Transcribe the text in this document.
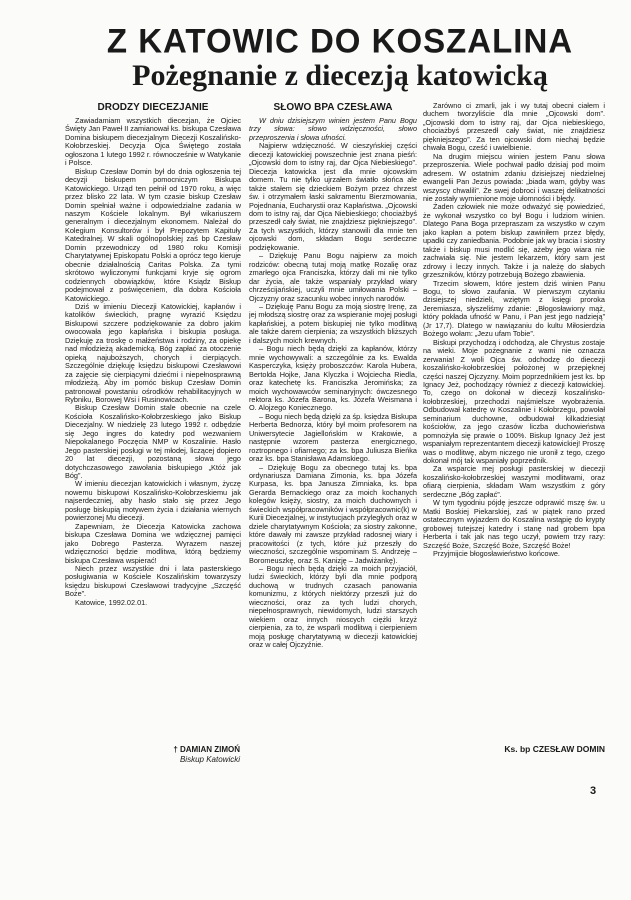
Z KATOWIC DO KOSZALINA
Pożegnanie z diecezją katowicką
DRODZY DIECEZJANIE
Zawiadamiam wszystkich diecezjan, że Ojciec Święty Jan Paweł II zamianował ks. biskupa Czesława Domina biskupem diecezjalnym Diecezji Koszalińsko-Kołobrzeskiej. Decyzja Ojca Świętego została ogłoszona 1 lutego 1992 r. równocześnie w Watykanie i Polsce.
Biskup Czesław Domin był do dnia ogłoszenia tej decyzji biskupem pomocniczym Biskupa Katowickiego. Urząd ten pełnił od 1970 roku, a więc przez blisko 22 lata. W tym czasie biskup Czesław Domin spełniał ważne i odpowiedzialne zadania w naszym Kościele lokalnym. Był wikariuszem generalnym i diecezjalnym ekonomem. Należał do Kolegium Konsultorów i był Prepozytem Kapituły Katedralnej. W skali ogólnopolskiej zaś bp Czesław Domin przewodniczy od 1980 roku Komisji Charytatywnej Episkopatu Polski a oprócz tego kieruje obecnie działalnością Caritas Polska. Za tymi skrótowo wyliczonymi funkcjami kryje się ogrom codziennych obowiązków, które Ksiądz Biskup podejmował z poświęceniem, dla dobra Kościoła Katowickiego.
Dziś w imieniu Diecezji Katowickiej, kapłanów i katolików świeckich, pragnę wyrazić Księdzu Biskupowi szczere podziękowanie za dobro jakim owocowała jego kapłańska i biskupia posługa. Dziękuję za troskę o małżeństwa i rodziny, za opiekę nad młodzieżą akademicką. Bóg zapłać za otoczenie opieką najuboższych, chorych i cierpiących. Szczególnie dziękuję księdzu biskupowi Czesławowi za zajęcie się cierpiącymi dziećmi i niepełnosprawną młodzieżą. Aby im pomóc biskup Czesław Domin patronował powstaniu ośrodków rehabilitacyjnych w Rybniku, Borowej Wsi i Rusinowicach.
Biskup Czesław Domin stale obecnie na czele Kościoła Koszalińsko-Kołobrzeskiego jako Biskup Diecezjalny. W niedzielę 23 lutego 1992 r. odbędzie się Jego ingres do katedry pod wezwaniem Niepokalanego Poczęcia NMP w Koszalinie. Hasło Jego pasterskiej posługi w tej młodej, liczącej dopiero 20 lat diecezji, pozostaną słowa jego dotychczasowego zawołania biskupiego „Któż jak Bóg”.
W imieniu diecezjan katowickich i własnym, życzę nowemu biskupowi Koszalińsko-Kołobrzeskiemu jak najserdeczniej, aby hasło stało się przez Jego posługę biskupią motywem życia i działania wiernych powierzonej Mu diecezji.
Zapewniam, że Diecezja Katowicka zachowa biskupa Czesława Domina we wdzięcznej pamięci jako Dobrego Pasterza. Wyrazem naszej wdzięczności będzie modlitwa, którą będziemy biskupa Czesława wspierać!
Niech przez wszystkie dni i lata pasterskiego posługiwania w Kościele Koszalińskim towarzyszy księdzu biskupowi Czesławowi tradycyjne „Szczęść Boże”.
Katowice, 1992.02.01.
† DAMIAN ZIMOŃ
Biskup Katowicki
SŁOWO BPA CZESŁAWA
W dniu dzisiejszym winien jestem Panu Bogu trzy słowa: słowo wdzięczności, słowo przeproszenia i słowa ufności.
Najpierw wdzięczność. W cieszyńskiej części diecezji katowickiej powszechnie jest znana pieśń: „Ojcowski dom to istny raj, dar Ojca Niebieskiego”. Diecezja katowicka jest dla mnie ojcowskim domem. Tu nie tylko ujrzałem światło słońca ale także stałem się dzieckiem Bożym przez chrzest św. i otrzymałem łaski sakramentu Bierzmowania, Pojednania, Eucharystii oraz Kapłaństwa. „Ojcowski dom to istny raj, dar Ojca Niebieskiego; chociażbyś przeszedł cały świat, nie znajdziesz piękniejszego”. Za tych wszystkich, którzy stanowili dla mnie ten ojcowski dom, składam Bogu serdeczne podziękowanie.
– Dziękuję Panu Bogu najpierw za moich rodziców: obecną tutaj moją matkę Rozalię oraz zmarłego ojca Franciszka, którzy dali mi nie tylko dar życia, ale także wspaniały przykład wiary chrześcijańskiej, uczyli mnie umiłowania Polski – Ojczyzny oraz szacunku wobec innych narodów.
– Dziękuję Panu Bogu za moją siostrę Irenę, za jej młodszą siostrę oraz za wspieranie mojej posługi kapłańskiej, a potem biskupiej nie tylko modlitwą ale także darem cierpienia; za wszystkich bliższych i dalszych moich krewnych.
– Bogu niech będą dzięki za kapłanów, którzy mnie wychowywali: a szczególnie za ks. Ewalda Kasperczyka, księży proboszczów: Karola Hubera, Bertolda Hojke, Jana Klyczka i Wojciecha Riedla, oraz katechetę ks. Franciszka Jeromińska; za moich wychowawców seminaryjnych: ówczesnego rektora ks. Józefa Barona, ks. Józefa Weismana i O. Alojzego Koniecznego.
– Bogu niech będą dzięki za śp. księdza Biskupa Herberta Bednorza, który był moim profesorem na Uniwersytecie Jagiellońskim w Krakowie, a następnie wzorem pasterza energicznego, roztropnego i ofiarnego; za ks. bpa Juliusza Bieńka oraz ks. bpa Stanisława Adamskiego.
– Dziękuję Bogu za obecnego tutaj ks. bpa ordynariusza Damiana Zimonia, ks. bpa Józefa Kurpasa, ks. bpa Janusza Zimniaka, ks. bpa Gerarda Bernackiego oraz za moich kochanych kolegów księży, siostry, za moich duchownych i świeckich współpracowników i współpracownic(k) w Kurii Diecezjalnej, w instytucjach przyległych oraz w dziele charytatywnym Kościoła; za siostry zakonne, które dawały mi zawsze przykład radosnej wiary i pracowitości (z tych, które już przeszły do wieczności, szczególnie wspominam S. Andrzeję – Boromeuszkę, oraz S. Kanizję – Jadwiżankę).
– Bogu niech będą dzięki za moich przyjaciół, ludzi świeckich, którzy byli dla mnie podporą duchową w trudnych czasach panowania komunizmu, z których niektórzy przeszli już do wieczności, oraz za tych ludzi chorych, niepełnosprawnych, niewidomych, ludzi starszych wiekiem oraz innych nioscych ciężki krzyż cierpienia, za to, że wsparli modlitwą i cierpieniem moją posługę charytatywną w diecezji katowickiej oraz w całej Ojczyźnie.
Zarówno ci zmarli, jak i wy tutaj obecni ciałem i duchem tworzyliście dla mnie „Ojcowski dom”. „Ojcowski dom to istny raj, dar Ojca niebieskiego, chociażbyś przeszedł cały świat, nie znajdziesz piękniejszego”. Za ten ojcowski dom niechaj będzie chwała Bogu, cześć i uwielbienie.
Na drugim miejscu winien jestem Panu słowa przeproszenia. Wiele pochwał padło dzisiaj pod moim adresem. W ostatnim zdaniu dzisiejszej niedzielnej ewangelii Pan Jezus powiada: „biada wam, gdyby was wszyscy chwalili”. Że swej dobroci i waszej delikatności nie zostały wymienione moje ułomności i błędy.
Żaden człowiek nie może odważyć się powiedzieć, że wykonał wszystko co był Bogu i ludziom winien. Dlatego Pana Boga przepraszam za wszystko w czym jako kapłan a potem biskup zawiniłem przez błędy, upadki czy zaniedbania. Podobnie jak wy bracia i siostry także i biskup musi modlić się, ażeby jego wiara nie zachwiała się. Nie jestem lekarzem, który sam jest zdrowy i leczy innych. Także i ja należę do słabych grzeszników, którzy potrzebują Bożego zbawienia.
Trzecim słowem, które jestem dziś winien Panu Bogu, to słowo zaufania. W pierwszym czytaniu dzisiejszej niedzieli, wziętym z księgi proroka Jeremiasza, słyszeliśmy zdanie: „Błogosławiony mąż, który pokłada ufność w Panu, i Pan jest jego nadzieją” (Jr 17,7). Dlatego w nawiązaniu do kultu Miłosierdzia Bożego wołam: „Jezu ufam Tobie”.
Biskupi przychodzą i odchodzą, ale Chrystus zostaje na wieki. Moje pożegnanie z wami nie oznacza zerwania! Z woli Ojca św. odchodzę do diecezji koszalińsko-kołobrzeskiej położonej w przepięknej części naszej Ojczyzny. Moim poprzednikiem jest ks. bp Ignacy Jeż, pochodzący również z diecezji katowickiej. To, czego on dokonał w diecezji koszalińsko-kołobrzeskiej, przechodzi najśmielsze wyobrażenia. Odbudował katedrę w Koszalinie i Kołobrzegu, powołał seminarium duchowne, odbudował kilkadziesiąt kościołów, za jego czasów liczba duchowieństwa pomnożyła się prawie o 100%. Biskup Ignacy Jeż jest wspaniałym reprezentantem diecezji katowickiej! Proszę was o modlitwę, abym niczego nie uronił z tego, czego dokonał mój tak wspaniały poprzednik.
Za wsparcie mej posługi pasterskiej w diecezji koszalińsko-kołobrzeskiej waszymi modlitwami, oraz ofiarą cierpienia, składam Wam wszystkim z góry serdeczne „Bóg zapłać”.
W tym tygodniu pójdę jeszcze odprawić mszę św. u Matki Boskiej Piekarskiej, zaś w piątek rano przed ostatecznym wyjazdem do Koszalina wstąpię do krypty grobowej tutejszej katedry i stanę nad grobem bpa Herberta i tak jak nas tego uczył, powiem trzy razy: Szczęść Boże, Szczęść Boże, Szczęść Boże!
Przyjmijcie błogosławieństwo końcowe.
Ks. bp CZESŁAW DOMIN
3
